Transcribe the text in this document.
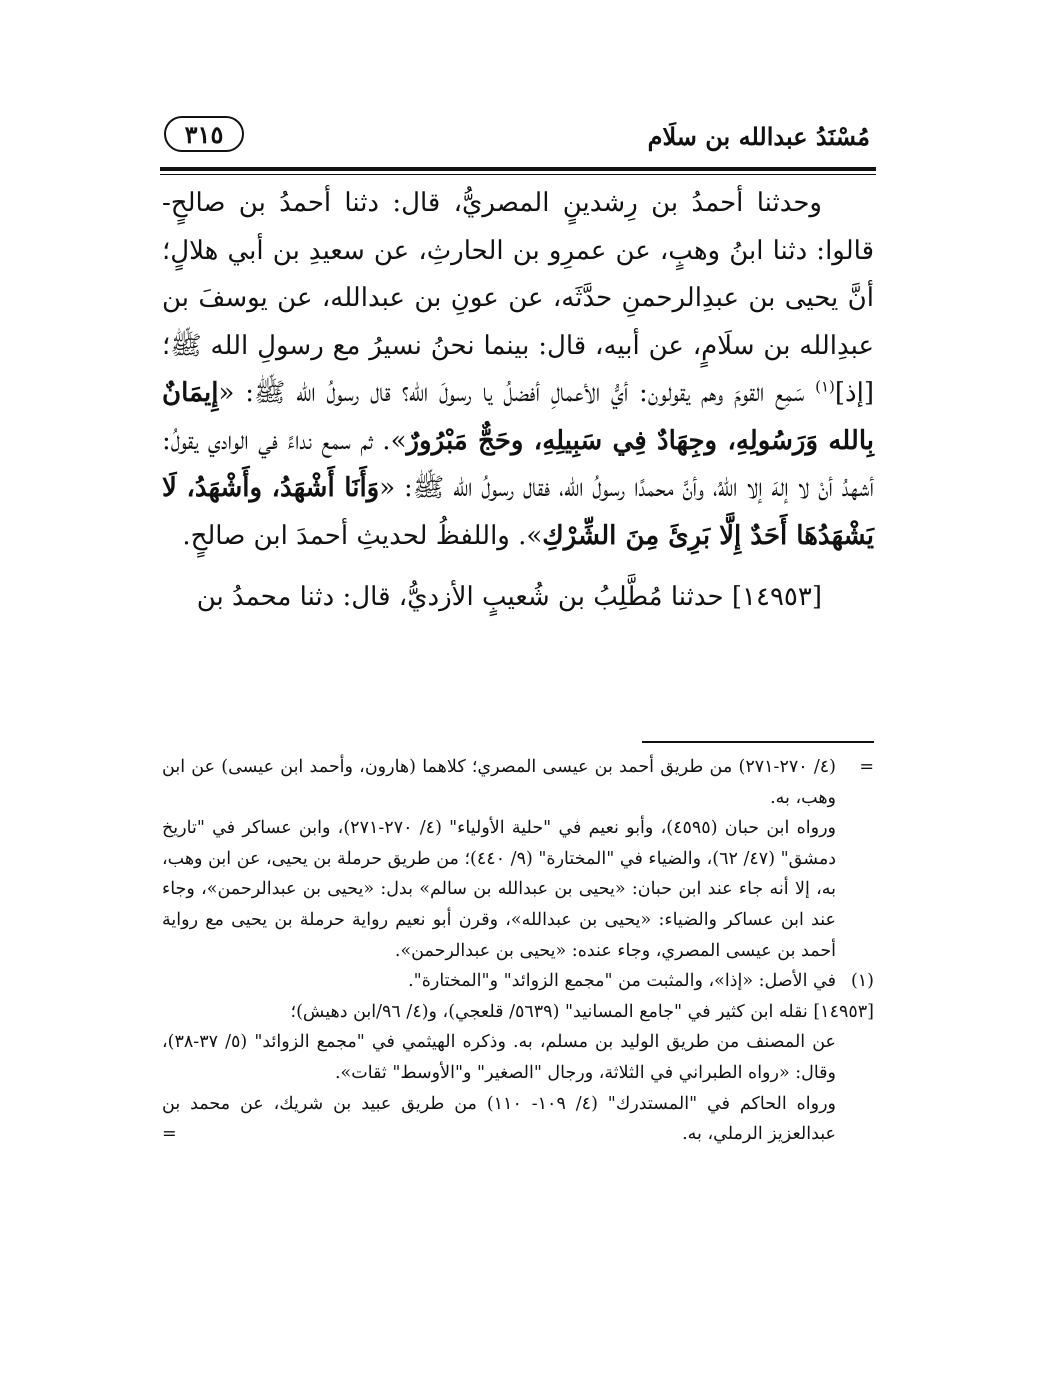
مُسْنَدُ عبدالله بن سلَام
٣١٥

وحدثنا أحمدُ بن رِشدينٍ المصريُّ، قال: دثنا أحمدُ بن صالحٍ- قالوا: دثنا ابنُ وهبٍ، عن عمرِو بن الحارثِ، عن سعيدِ بن أبي هلالٍ؛ أنَّ يحيى بن عبدِالرحمنِ حدَّثَه، عن عونِ بن عبدالله، عن يوسفَ بن عبدِالله بن سلَامٍ، عن أبيه، قال: بينما نحنُ نسيرُ مع رسولِ الله ﷺ؛ [إذ]$^{(١)}$ سَمِع القومَ وهم يقولون: أيُّ الأعمالِ أفضلُ يا رسولَ الله؟ قال رسولُ الله ﷺ: «إِيمَانٌ بِالله وَرَسُولِهِ، وجِهَادٌ فِي سَبِيلِهِ، وحَجٌّ مَبْرُورٌ». ثم سمع نداءً في الوادي يقولُ: أشهدُ أنْ لا إلهَ إلا اللهُ، وأنَّ محمدًا رسولُ الله، فقال رسولُ الله ﷺ: «وَأَنَا أَشْهَدُ، وأَشْهَدُ، لَا يَشْهَدُهَا أَحَدٌ إِلَّا بَرِئَ مِنَ الشِّرْكِ». واللفظُ لحديثِ أحمدَ ابن صالحٍ.

[١٤٩٥٣] حدثنا مُطَّلِبُ بن شُعيبٍ الأزديُّ، قال: دثنا محمدُ بن

=
(٤/ ٢٧٠-٢٧١) من طريق أحمد بن عيسى المصري؛ كلاهما (هارون، وأحمد ابن عيسى) عن ابن وهب، به.

ورواه ابن حبان (٤٥٩٥)، وأبو نعيم في "حلية الأولياء" (٤/ ٢٧٠-٢٧١)، وابن عساكر في "تاريخ دمشق" (٤٧/ ٦٢)، والضياء في "المختارة" (٩/ ٤٤٠)؛ من طريق حرملة بن يحيى، عن ابن وهب، به، إلا أنه جاء عند ابن حبان: «يحيى بن عبدالله بن سالم» بدل: «يحيى بن عبدالرحمن»، وجاء عند ابن عساكر والضياء: «يحيى بن عبدالله»، وقرن أبو نعيم رواية حرملة بن يحيى مع رواية أحمد بن عيسى المصري، وجاء عنده: «يحيى بن عبدالرحمن».

(١)
في الأصل: «إذا»، والمثبت من "مجمع الزوائد" و"المختارة".
[١٤٩٥٣] نقله ابن كثير في "جامع المسانيد" (٥٦٣٩/ قلعجي)، و(٤/ ٩٦/ابن دهيش)؛
عن المصنف من طريق الوليد بن مسلم، به. وذكره الهيثمي في "مجمع الزوائد" (٥/ ٣٧-٣٨)، وقال: «رواه الطبراني في الثلاثة، ورجال "الصغير" و"الأوسط" ثقات».

ورواه الحاكم في "المستدرك" (٤/ ١٠٩- ١١٠) من طريق عبيد بن شريك، عن محمد بن عبدالعزيز الرملي، به.

=
